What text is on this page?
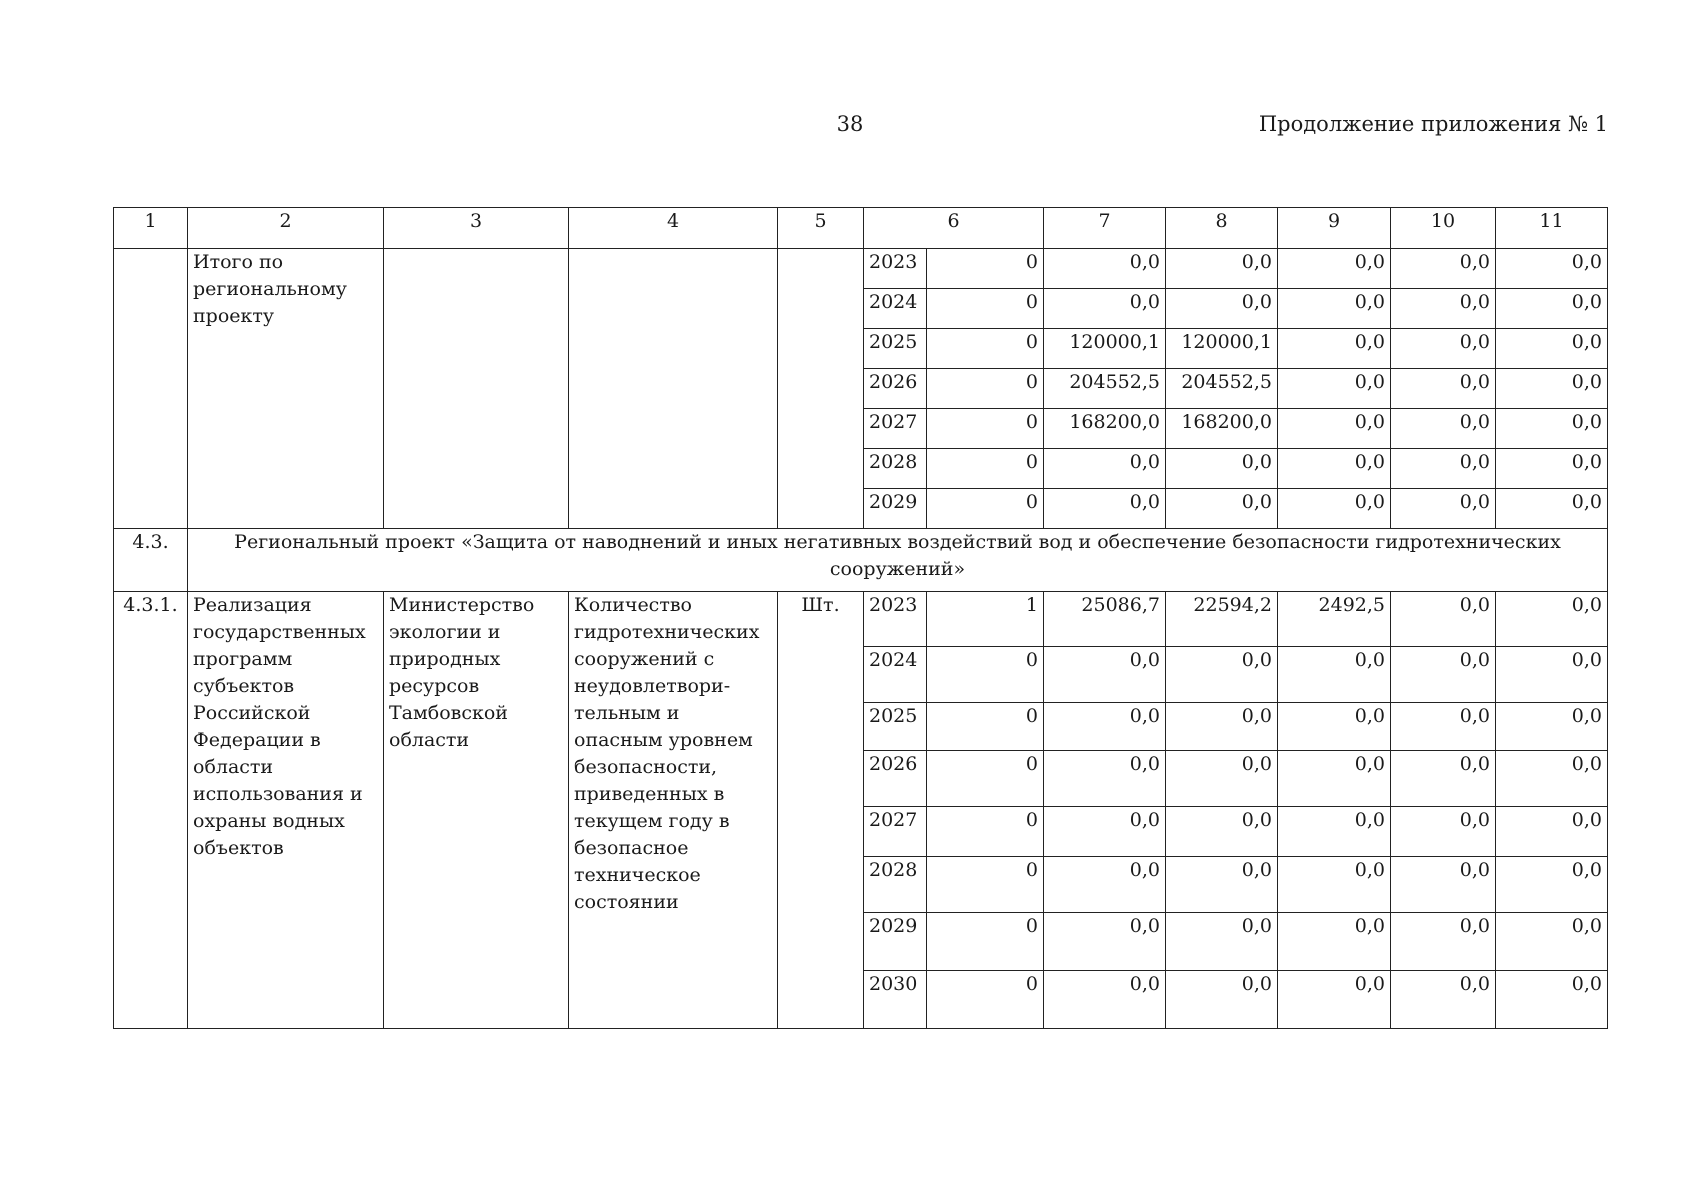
38	Продолжение приложения № 1
1	2	3	4	5	6		7	8	9	10	11
	Итого по региональному проекту				2023	0	0,0	0,0	0,0	0,0	0,0
					2024	0	0,0	0,0	0,0	0,0	0,0
					2025	0	120000,1	120000,1	0,0	0,0	0,0
					2026	0	204552,5	204552,5	0,0	0,0	0,0
					2027	0	168200,0	168200,0	0,0	0,0	0,0
					2028	0	0,0	0,0	0,0	0,0	0,0
					2029	0	0,0	0,0	0,0	0,0	0,0
4.3.	Региональный проект «Защита от наводнений и иных негативных воздействий вод и обеспечение безопасности гидротехнических сооружений»										
4.3.1.	Реализация государственных программ субъектов Российской Федерации в области использования и охраны водных объектов	Министерство экологии и природных ресурсов Тамбовской области	Количество гидротехнических сооружений с неудовлетвори-тельным и опасным уровнем безопасности, приведенных в текущем году в безопасное техническое состоянии	Шт.	2023	1	25086,7	22594,2	2492,5	0,0	0,0
					2024	0	0,0	0,0	0,0	0,0	0,0
					2025	0	0,0	0,0	0,0	0,0	0,0
					2026	0	0,0	0,0	0,0	0,0	0,0
					2027	0	0,0	0,0	0,0	0,0	0,0
					2028	0	0,0	0,0	0,0	0,0	0,0
					2029	0	0,0	0,0	0,0	0,0	0,0
					2030	0	0,0	0,0	0,0	0,0	0,0
